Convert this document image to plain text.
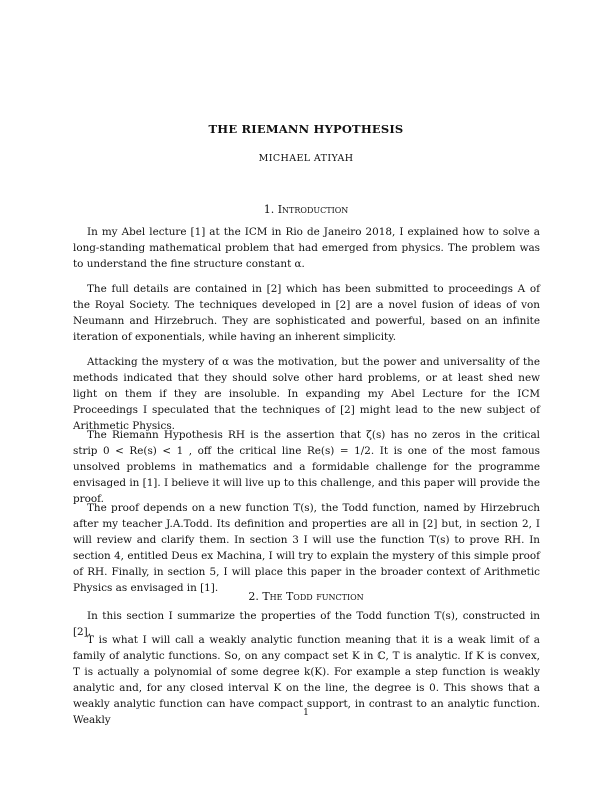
THE RIEMANN HYPOTHESIS
MICHAEL ATIYAH
1. Introduction

In my Abel lecture [1] at the ICM in Rio de Janeiro 2018, I explained how to solve a long-standing mathematical problem that had emerged from physics. The problem was to understand the fine structure constant α.

The full details are contained in [2] which has been submitted to proceedings A of the Royal Society. The techniques developed in [2] are a novel fusion of ideas of von Neumann and Hirzebruch. They are sophisticated and powerful, based on an infinite iteration of exponentials, while having an inherent simplicity.

Attacking the mystery of α was the motivation, but the power and universality of the methods indicated that they should solve other hard problems, or at least shed new light on them if they are insoluble. In expanding my Abel Lecture for the ICM Proceedings I speculated that the techniques of [2] might lead to the new subject of Arithmetic Physics.

The Riemann Hypothesis RH is the assertion that ζ(s) has no zeros in the critical strip 0 < Re(s) < 1 , off the critical line Re(s) = 1/2. It is one of the most famous unsolved problems in mathematics and a formidable challenge for the programme envisaged in [1]. I believe it will live up to this challenge, and this paper will provide the proof.

The proof depends on a new function T(s), the Todd function, named by Hirzebruch after my teacher J.A.Todd. Its definition and properties are all in [2] but, in section 2, I will review and clarify them. In section 3 I will use the function T(s) to prove RH. In section 4, entitled Deus ex Machina, I will try to explain the mystery of this simple proof of RH. Finally, in section 5, I will place this paper in the broader context of Arithmetic Physics as envisaged in [1].

2. The Todd function

In this section I summarize the properties of the Todd function T(s), constructed in [2].

T is what I will call a weakly analytic function meaning that it is a weak limit of a family of analytic functions. So, on any compact set K in ℂ, T is analytic. If K is convex, T is actually a polynomial of some degree k(K). For example a step function is weakly analytic and, for any closed interval K on the line, the degree is 0. This shows that a weakly analytic function can have compact support, in contrast to an analytic function. Weakly

1
